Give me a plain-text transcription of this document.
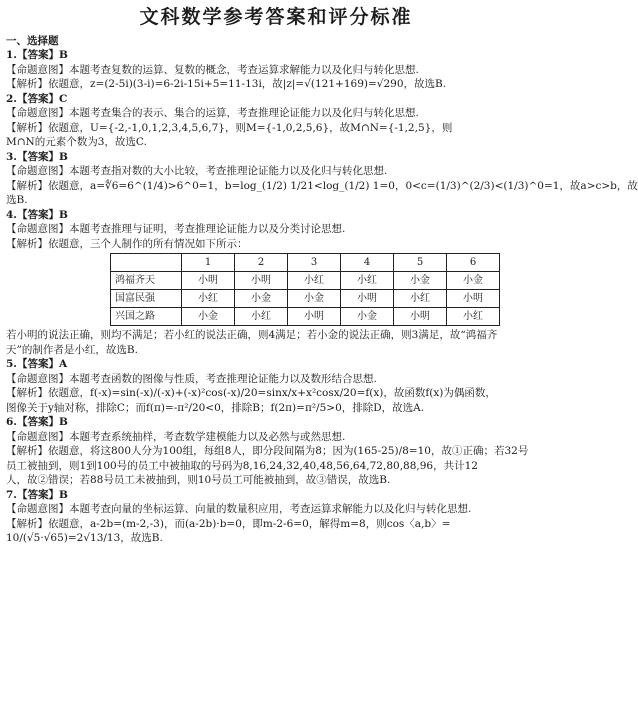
文科数学参考答案和评分标准

一、选择题

1.【答案】B

【命题意图】本题考查复数的运算、复数的概念，考查运算求解能力以及化归与转化思想.

【解析】依题意，z=(2-5i)(3-i)=6-2i-15i+5=11-13i，故|z|=√(121+169)=√290，故选B.

2.【答案】C

【命题意图】本题考查集合的表示、集合的运算，考查推理论证能力以及化归与转化思想.

【解析】依题意，U={-2,-1,0,1,2,3,4,5,6,7}，则M={-1,0,2,5,6}，故M∩N={-1,2,5}，则

M∩N的元素个数为3，故选C.

3.【答案】B

【命题意图】本题考查指对数的大小比较，考查推理论证能力以及化归与转化思想.

【解析】依题意，a=∜6=6^(1/4)>6^0=1，b=log_(1/2) 1/21<log_(1/2) 1=0，0<c=(1/3)^(2/3)<(1/3)^0=1，故a>c>b，故

选B.

4.【答案】B

【命题意图】本题考查推理与证明，考查推理论证能力以及分类讨论思想.

【解析】依题意，三个人制作的所有情况如下所示：

	1	2	3	4	5	6
鸿福齐天	小明	小明	小红	小红	小金	小金
国富民强	小红	小金	小金	小明	小红	小明
兴国之路	小金	小红	小明	小金	小明	小红

若小明的说法正确，则均不满足；若小红的说法正确，则4满足；若小金的说法正确，则3满足，故“鸿福齐

天”的制作者是小红，故选B.

5.【答案】A

【命题意图】本题考查函数的图像与性质，考查推理论证能力以及数形结合思想.

【解析】依题意，f(-x)=sin(-x)/(-x)+(-x)²cos(-x)/20=sinx/x+x²cosx/20=f(x)，故函数f(x)为偶函数，

图像关于y轴对称，排除C；而f(π)=-π²/20<0，排除B；f(2π)=π²/5>0，排除D，故选A.

6.【答案】B

【命题意图】本题考查系统抽样，考查数学建模能力以及必然与或然思想.

【解析】依题意，将这800人分为100组，每组8人，即分段间隔为8；因为(165-25)/8=10，故①正确；若32号

员工被抽到，则1到100号的员工中被抽取的号码为8,16,24,32,40,48,56,64,72,80,88,96，共计12

人，故②错误；若88号员工未被抽到，则10号员工可能被抽到，故③错误，故选B.

7.【答案】B

【命题意图】本题考查向量的坐标运算、向量的数量积应用，考查运算求解能力以及化归与转化思想.

【解析】依题意，a-2b=(m-2,-3)，而(a-2b)·b=0，即m-2-6=0，解得m=8，则cos〈a,b〉=

10/(√5·√65)=2√13/13，故选B.
